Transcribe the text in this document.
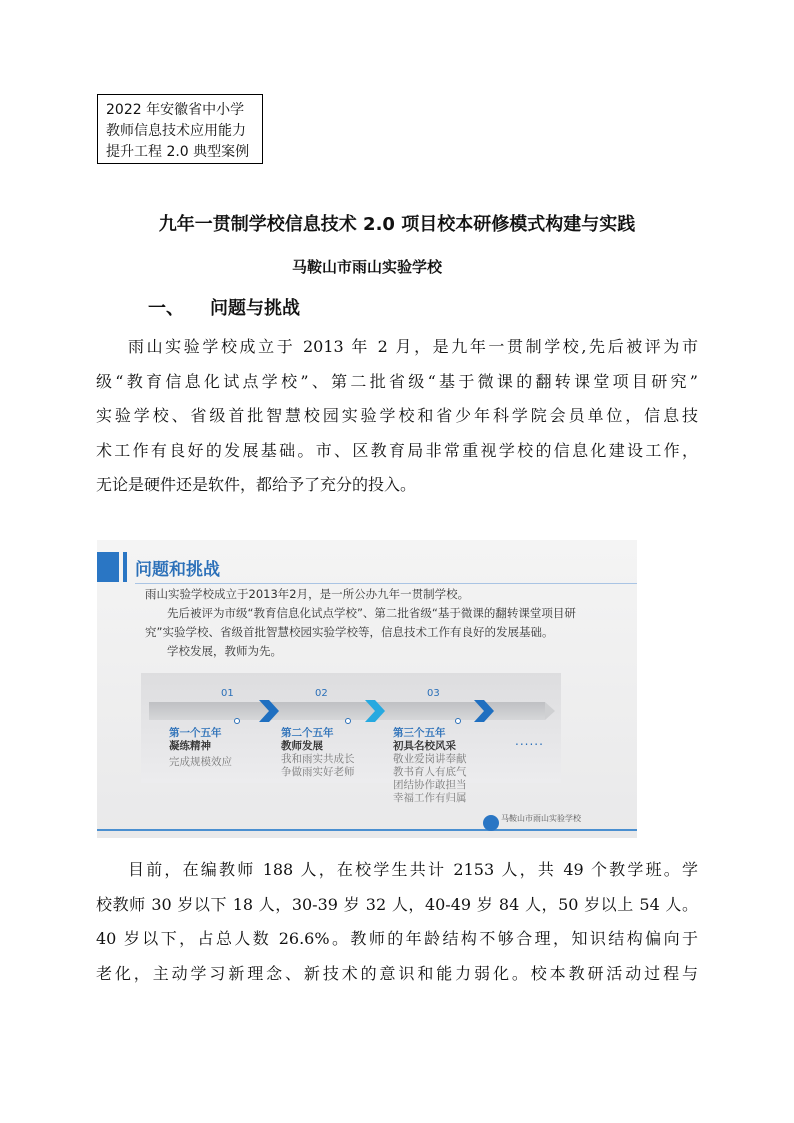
2022 年安徽省中小学
教师信息技术应用能力
提升工程 2.0 典型案例
九年一贯制学校信息技术 2.0 项目校本研修模式构建与实践
马鞍山市雨山实验学校
一、 问题与挑战
雨山实验学校成立于 2013 年 2 月，是九年一贯制学校,先后被评为市
级“教育信息化试点学校”、第二批省级“基于微课的翻转课堂项目研究”
实验学校、省级首批智慧校园实验学校和省少年科学院会员单位，信息技
术工作有良好的发展基础。市、区教育局非常重视学校的信息化建设工作，
无论是硬件还是软件，都给予了充分的投入。
问题和挑战
雨山实验学校成立于2013年2月，是一所公办九年一贯制学校。
先后被评为市级“教育信息化试点学校”、第二批省级“基于微课的翻转课堂项目研
究”实验学校、省级首批智慧校园实验学校等，信息技术工作有良好的发展基础。
学校发展，教师为先。
01	02	03
第一个五年
凝练精神
完成规模效应
第二个五年
教师发展
我和雨实共成长
争做雨实好老师
第三个五年
初具名校风采
敬业爱岗讲奉献
教书育人有底气
团结协作敢担当
幸福工作有归属
......
马鞍山市雨山实验学校
目前，在编教师 188 人，在校学生共计 2153 人，共 49 个教学班。学
校教师 30 岁以下 18 人，30-39 岁 32 人，40-49 岁 84 人，50 岁以上 54 人。
40 岁以下，占总人数 26.6%。教师的年龄结构不够合理，知识结构偏向于
老化，主动学习新理念、新技术的意识和能力弱化。校本教研活动过程与
